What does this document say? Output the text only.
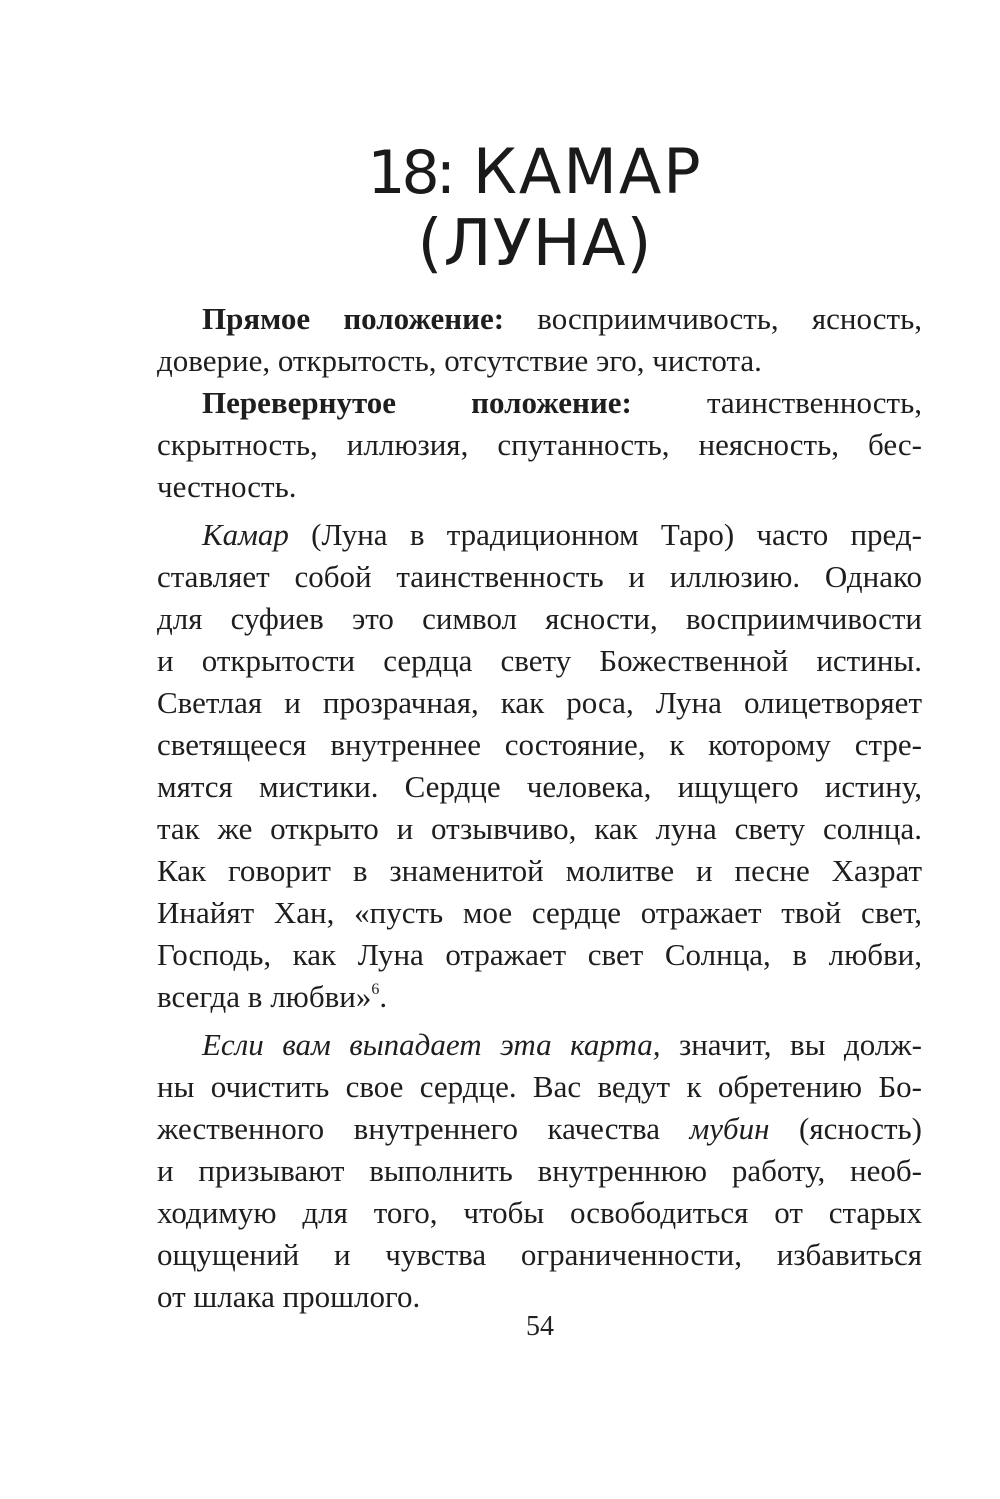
18: КАМАР
(ЛУНА)
Прямое положение: восприимчивость, ясность,
доверие, открытость, отсутствие эго, чистота.
Перевернутое положение: таинственность,
скрытность, иллюзия, спутанность, неясность, бес-
честность.
Камар (Луна в традиционном Таро) часто пред-
ставляет собой таинственность и иллюзию. Однако
для суфиев это символ ясности, восприимчивости
и открытости сердца свету Божественной истины.
Светлая и прозрачная, как роса, Луна олицетворяет
светящееся внутреннее состояние, к которому стре-
мятся мистики. Сердце человека, ищущего истину,
так же открыто и отзывчиво, как луна свету солнца.
Как говорит в знаменитой молитве и песне Хазрат
Инайят Хан, «пусть мое сердце отражает твой свет,
Господь, как Луна отражает свет Солнца, в любви,
всегда в любви»$^6$.
Если вам выпадает эта карта, значит, вы долж-
ны очистить свое сердце. Вас ведут к обретению Бо-
жественного внутреннего качества мубин (ясность)
и призывают выполнить внутреннюю работу, необ-
ходимую для того, чтобы освободиться от старых
ощущений и чувства ограниченности, избавиться
от шлака прошлого.
54
